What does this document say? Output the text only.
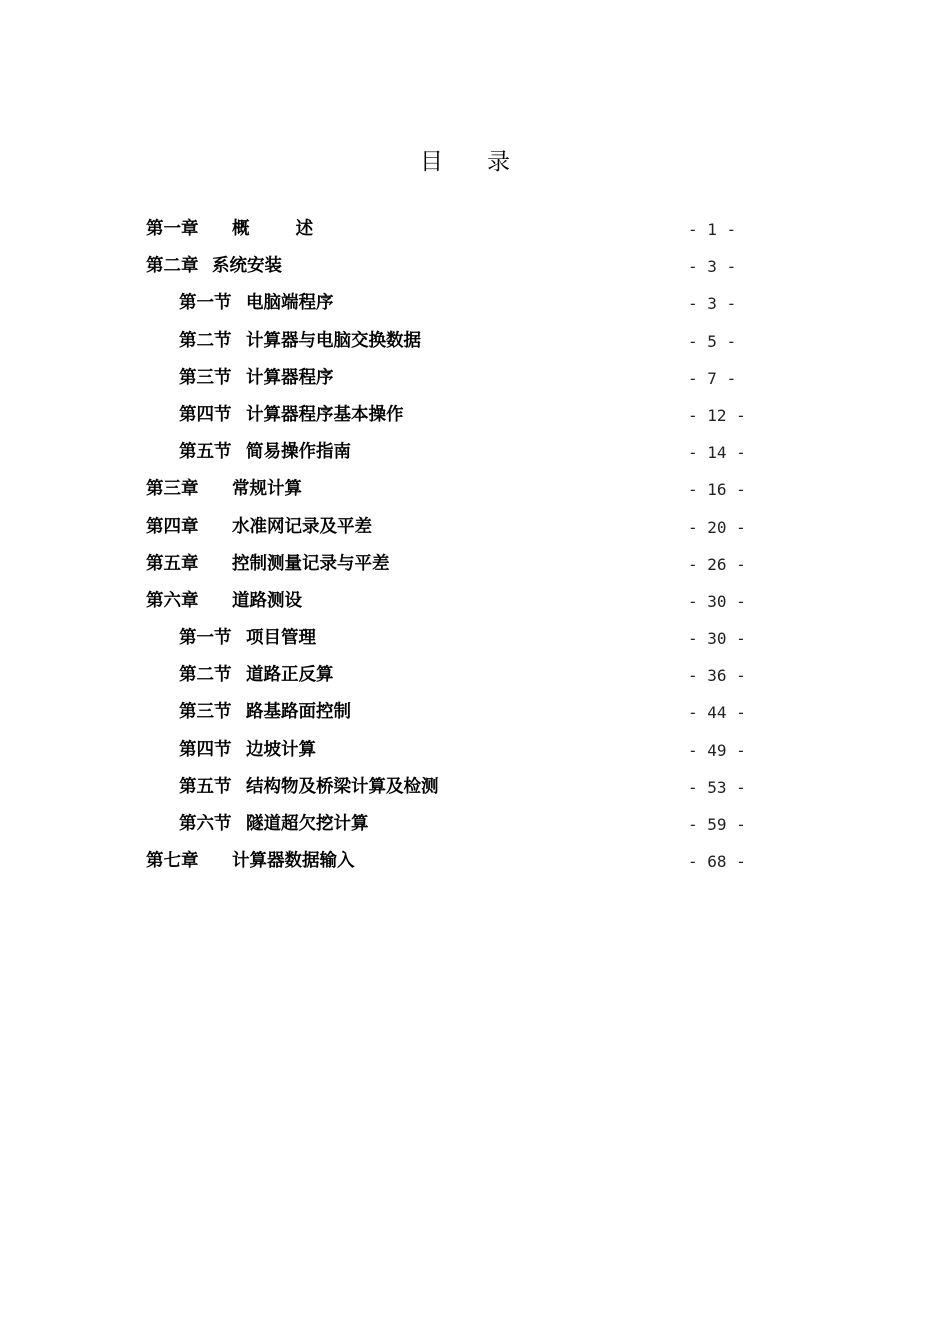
目 录
第一章 概 述	- 1 -
第二章 系统安装	- 3 -
第一节 电脑端程序	- 3 -
第二节 计算器与电脑交换数据	- 5 -
第三节 计算器程序	- 7 -
第四节 计算器程序基本操作	- 12 -
第五节 简易操作指南	- 14 -
第三章 常规计算	- 16 -
第四章 水准网记录及平差	- 20 -
第五章 控制测量记录与平差	- 26 -
第六章 道路测设	- 30 -
第一节 项目管理	- 30 -
第二节 道路正反算	- 36 -
第三节 路基路面控制	- 44 -
第四节 边坡计算	- 49 -
第五节 结构物及桥梁计算及检测	- 53 -
第六节 隧道超欠挖计算	- 59 -
第七章 计算器数据输入	- 68 -
